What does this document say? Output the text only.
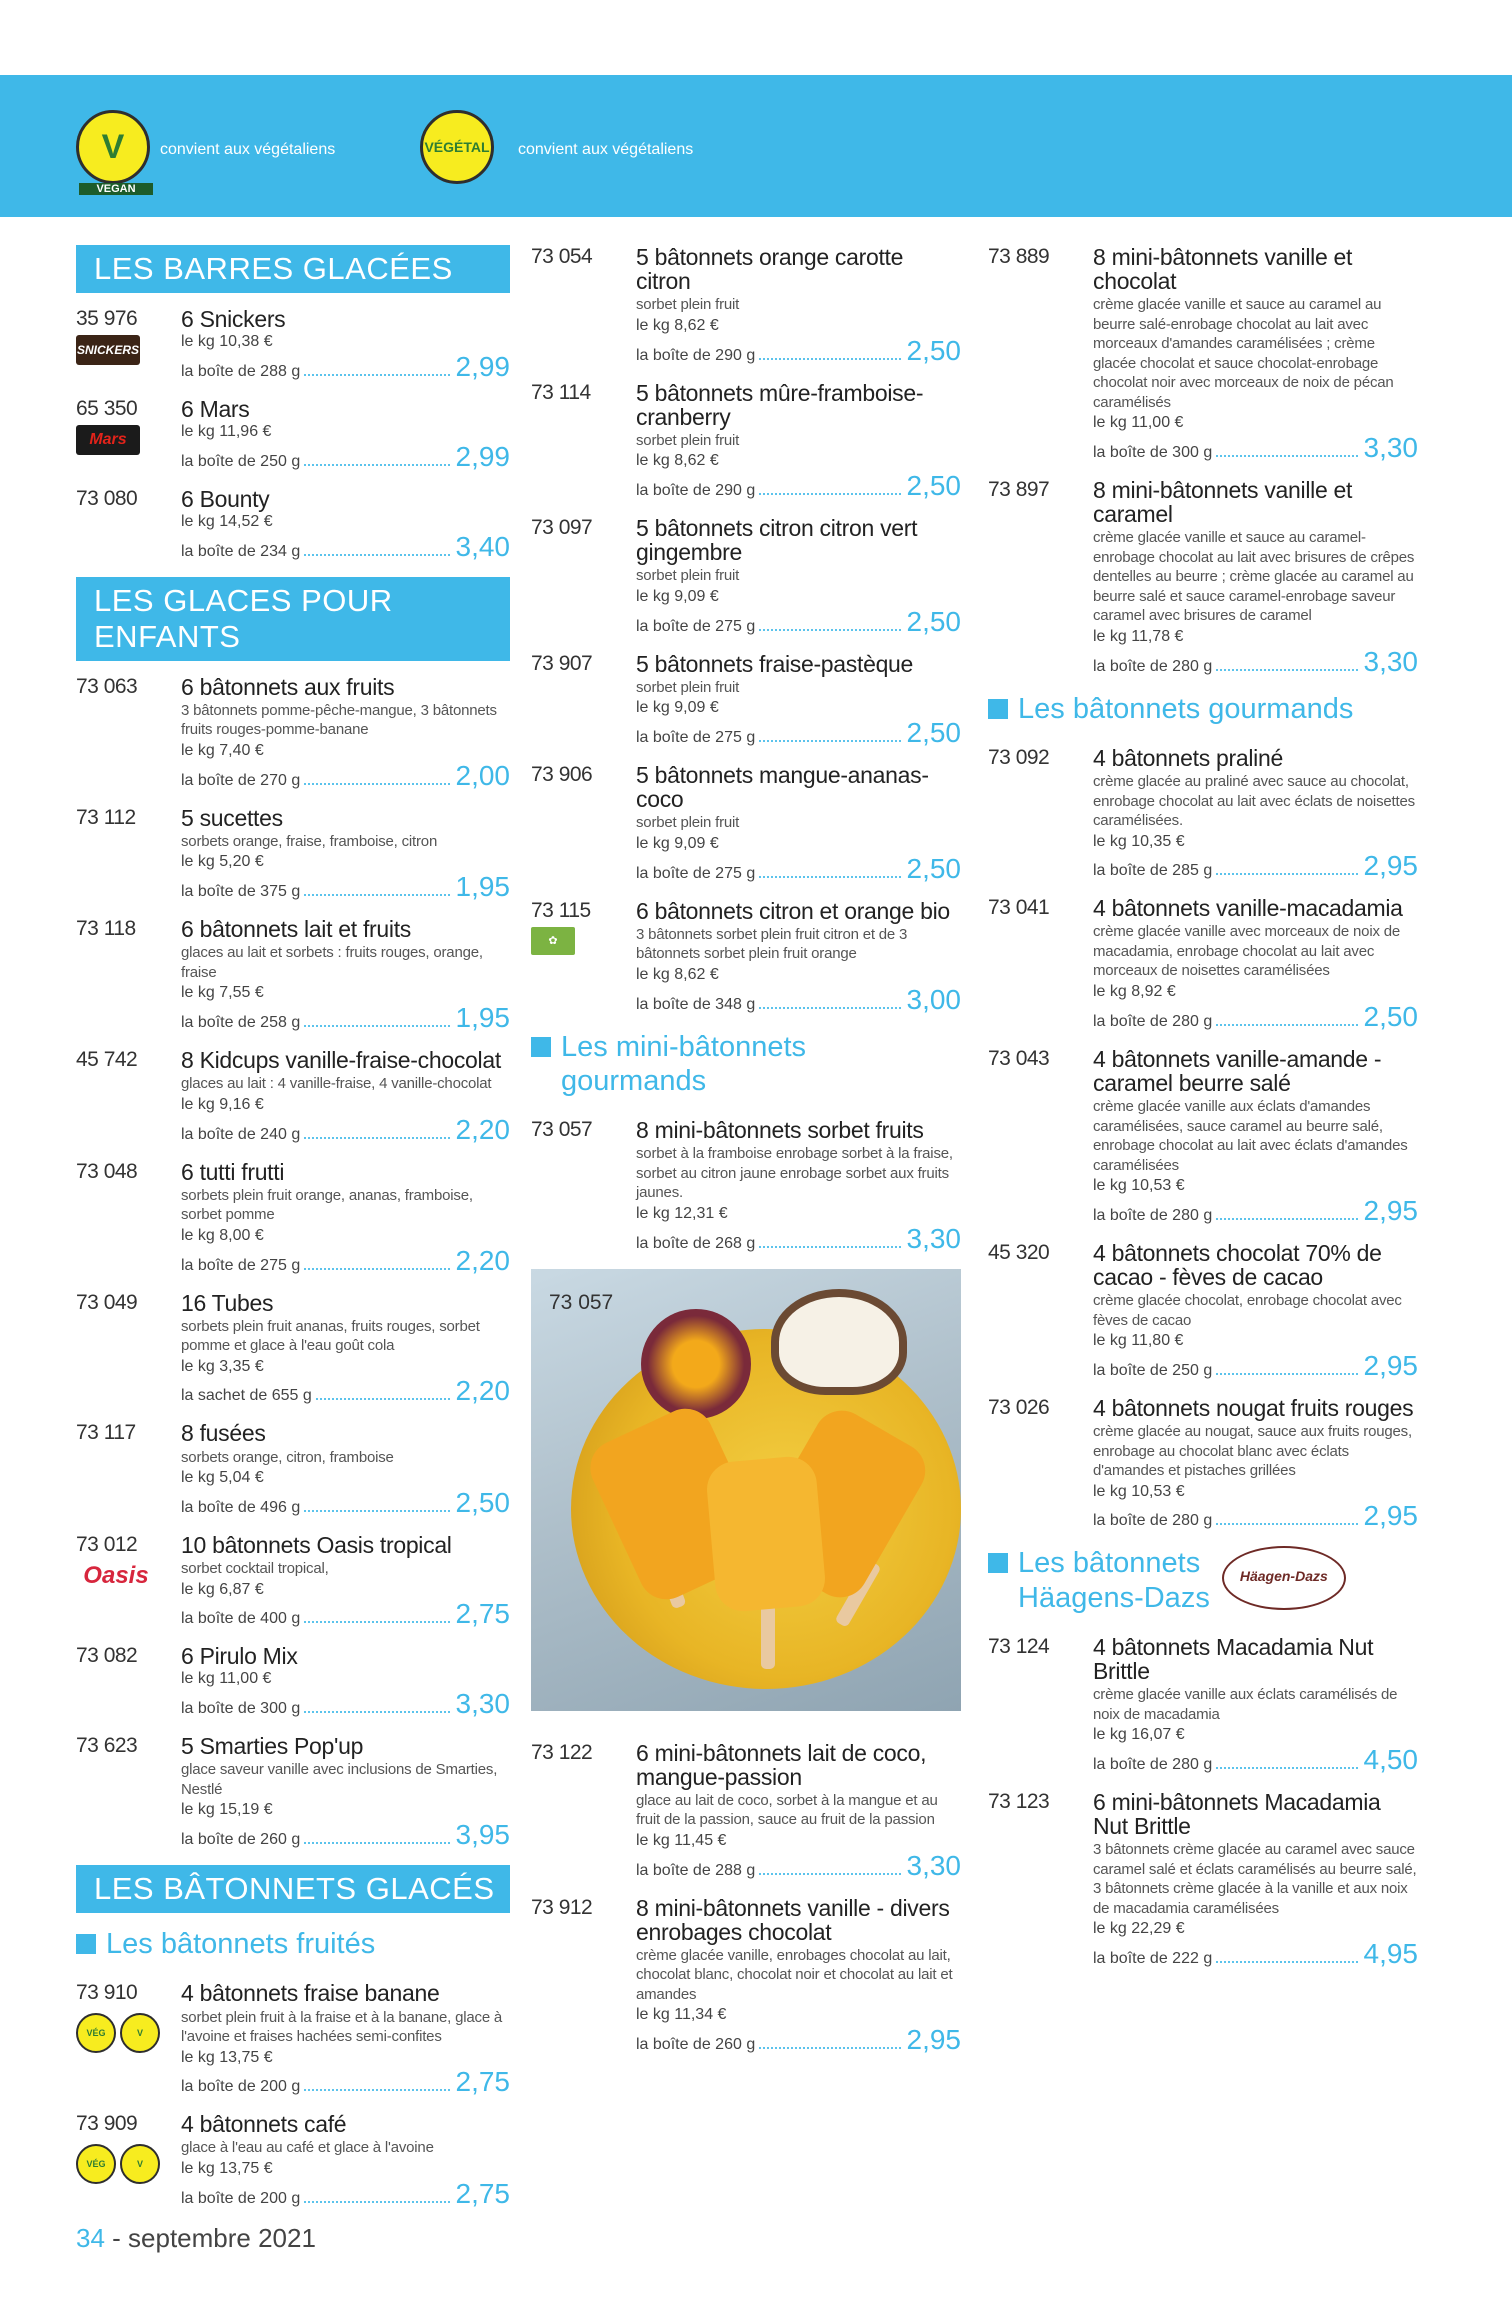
V
VEGAN
convient aux végétaliens	VÉGÉTAL convient aux végétaliens
LES BARRES GLACÉES
35 976
SNICKERS
6 Snickers
le kg 10,38 €
la boîte de 288 g	2,99
65 350
Mars
6 Mars
le kg 11,96 €
la boîte de 250 g	2,99
73 080	6 Bounty
le kg 14,52 €
la boîte de 234 g	3,40
LES GLACES POUR ENFANTS
73 063	6 bâtonnets aux fruits
3 bâtonnets pomme-pêche-mangue, 3 bâtonnets fruits rouges-pomme-banane
le kg 7,40 €
la boîte de 270 g	2,00
73 112	5 sucettes
sorbets orange, fraise, framboise, citron
le kg 5,20 €
la boîte de 375 g	1,95
73 118	6 bâtonnets lait et fruits
glaces au lait et sorbets : fruits rouges, orange, fraise
le kg 7,55 €
la boîte de 258 g	1,95
45 742	8 Kidcups vanille-fraise-chocolat
glaces au lait : 4 vanille-fraise, 4 vanille-chocolat
le kg 9,16 €
la boîte de 240 g	2,20
73 048	6 tutti frutti
sorbets plein fruit orange, ananas, framboise, sorbet pomme
le kg 8,00 €
la boîte de 275 g	2,20
73 049	16 Tubes
sorbets plein fruit ananas, fruits rouges, sorbet pomme et glace à l'eau goût cola
le kg 3,35 €
la sachet de 655 g	2,20
73 117	8 fusées
sorbets orange, citron, framboise
le kg 5,04 €
la boîte de 496 g	2,50
73 012
Oasis
10 bâtonnets Oasis tropical
sorbet cocktail tropical,
le kg 6,87 €
la boîte de 400 g	2,75
73 082	6 Pirulo Mix
le kg 11,00 €
la boîte de 300 g	3,30
73 623	5 Smarties Pop'up
glace saveur vanille avec inclusions de Smarties, Nestlé
le kg 15,19 €
la boîte de 260 g	3,95
LES BÂTONNETS GLACÉS
Les bâtonnets fruités
73 910
VÉG	V
4 bâtonnets fraise banane
sorbet plein fruit à la fraise et à la banane, glace à l'avoine et fraises hachées semi-confites
le kg 13,75 €
la boîte de 200 g	2,75
73 909
VÉG	V
4 bâtonnets café
glace à l'eau au café et glace à l'avoine
le kg 13,75 €
la boîte de 200 g	2,75
73 054	5 bâtonnets orange carotte citron
sorbet plein fruit
le kg 8,62 €
la boîte de 290 g	2,50
73 114	5 bâtonnets mûre-framboise-cranberry
sorbet plein fruit
le kg 8,62 €
la boîte de 290 g	2,50
73 097	5 bâtonnets citron citron vert gingembre
sorbet plein fruit
le kg 9,09 €
la boîte de 275 g	2,50
73 907	5 bâtonnets fraise-pastèque
sorbet plein fruit
le kg 9,09 €
la boîte de 275 g	2,50
73 906	5 bâtonnets mangue-ananas-coco
sorbet plein fruit
le kg 9,09 €
la boîte de 275 g	2,50
73 115
✿
6 bâtonnets citron et orange bio
3 bâtonnets sorbet plein fruit citron et de 3 bâtonnets sorbet plein fruit orange
le kg 8,62 €
la boîte de 348 g	3,00
Les mini-bâtonnets
gourmands
73 057	8 mini-bâtonnets sorbet fruits
sorbet à la framboise enrobage sorbet à la fraise, sorbet au citron jaune enrobage sorbet aux fruits jaunes.
le kg 12,31 €
la boîte de 268 g	3,30
73 057
73 122	6 mini-bâtonnets lait de coco, mangue-passion
glace au lait de coco, sorbet à la mangue et au fruit de la passion, sauce au fruit de la passion
le kg 11,45 €
la boîte de 288 g	3,30
73 912	8 mini-bâtonnets vanille - divers enrobages chocolat
crème glacée vanille, enrobages chocolat au lait, chocolat blanc, chocolat noir et chocolat au lait et amandes
le kg 11,34 €
la boîte de 260 g	2,95
73 889	8 mini-bâtonnets vanille et chocolat
crème glacée vanille et sauce au caramel au beurre salé-enrobage chocolat au lait avec morceaux d'amandes caramélisées ; crème glacée chocolat et sauce chocolat-enrobage chocolat noir avec morceaux de noix de pécan caramélisés
le kg 11,00 €
la boîte de 300 g	3,30
73 897	8 mini-bâtonnets vanille et caramel
crème glacée vanille et sauce au caramel-enrobage chocolat au lait avec brisures de crêpes dentelles au beurre ; crème glacée au caramel au beurre salé et sauce caramel-enrobage saveur caramel avec brisures de caramel
le kg 11,78 €
la boîte de 280 g	3,30
Les bâtonnets gourmands
73 092	4 bâtonnets praliné
crème glacée au praliné avec sauce au chocolat, enrobage chocolat au lait avec éclats de noisettes caramélisées.
le kg 10,35 €
la boîte de 285 g	2,95
73 041	4 bâtonnets vanille-macadamia
crème glacée vanille avec morceaux de noix de macadamia, enrobage chocolat au lait avec morceaux de noisettes caramélisées
le kg 8,92 €
la boîte de 280 g	2,50
73 043	4 bâtonnets vanille-amande - caramel beurre salé
crème glacée vanille aux éclats d'amandes caramélisées, sauce caramel au beurre salé, enrobage chocolat au lait avec éclats d'amandes caramélisées
le kg 10,53 €
la boîte de 280 g	2,95
45 320	4 bâtonnets chocolat 70% de cacao - fèves de cacao
crème glacée chocolat, enrobage chocolat avec fèves de cacao
le kg 11,80 €
la boîte de 250 g	2,95
73 026	4 bâtonnets nougat fruits rouges
crème glacée au nougat, sauce aux fruits rouges, enrobage au chocolat blanc avec éclats d'amandes et pistaches grillées
le kg 10,53 €
la boîte de 280 g	2,95
Les bâtonnets
Häagens-Dazs
Häagen-Dazs
73 124	4 bâtonnets Macadamia Nut Brittle
crème glacée vanille aux éclats caramélisés de noix de macadamia
le kg 16,07 €
la boîte de 280 g	4,50
73 123	6 mini-bâtonnets Macadamia Nut Brittle
3 bâtonnets crème glacée au caramel avec sauce caramel salé et éclats caramélisés au beurre salé, 3 bâtonnets crème glacée à la vanille et aux noix de macadamia caramélisées
le kg 22,29 €
la boîte de 222 g	4,95
34 - septembre 2021
